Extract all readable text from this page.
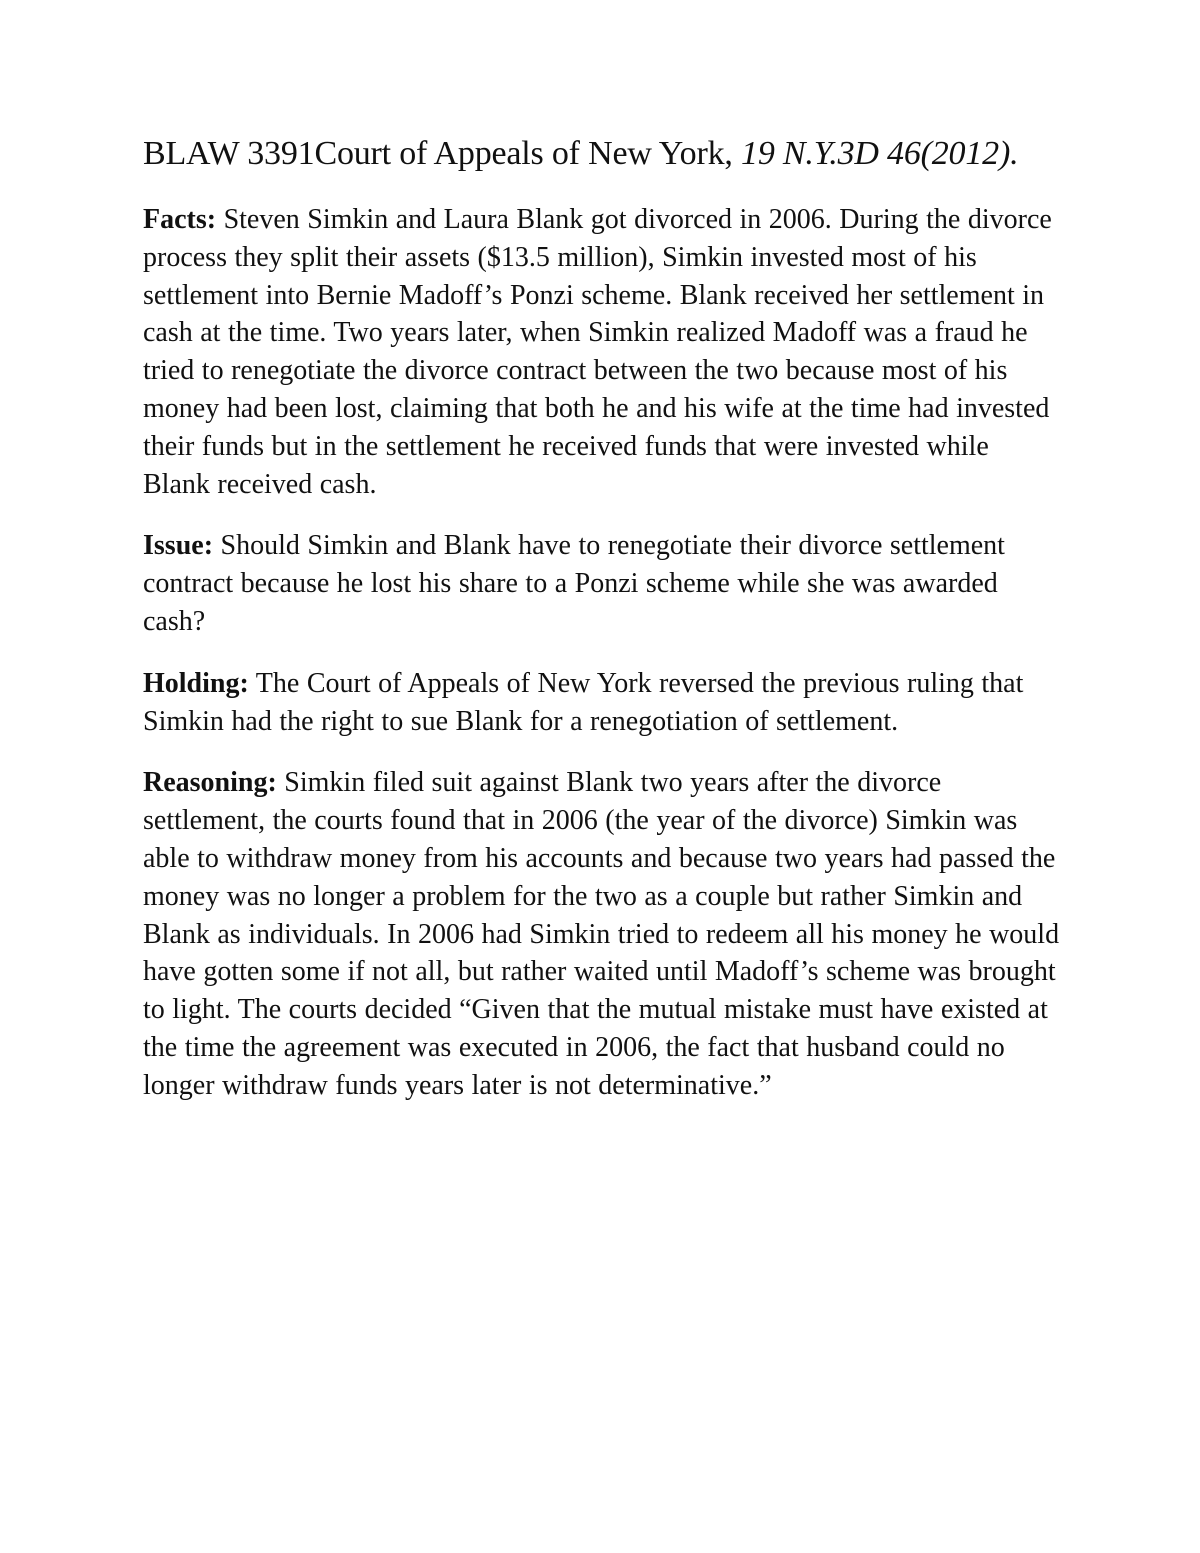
BLAW 3391Court of Appeals of New York, 19 N.Y.3D 46(2012).

Facts: Steven Simkin and Laura Blank got divorced in 2006. During the divorce process they split their assets ($13.5 million), Simkin invested most of his settlement into Bernie Madoff’s Ponzi scheme. Blank received her settlement in cash at the time. Two years later, when Simkin realized Madoff was a fraud he tried to renegotiate the divorce contract between the two because most of his money had been lost, claiming that both he and his wife at the time had invested their funds but in the settlement he received funds that were invested while Blank received cash.

Issue: Should Simkin and Blank have to renegotiate their divorce settlement contract because he lost his share to a Ponzi scheme while she was awarded cash?

Holding: The Court of Appeals of New York reversed the previous ruling that Simkin had the right to sue Blank for a renegotiation of settlement.

Reasoning: Simkin filed suit against Blank two years after the divorce settlement, the courts found that in 2006 (the year of the divorce) Simkin was able to withdraw money from his accounts and because two years had passed the money was no longer a problem for the two as a couple but rather Simkin and Blank as individuals. In 2006 had Simkin tried to redeem all his money he would have gotten some if not all, but rather waited until Madoff’s scheme was brought to light. The courts decided “Given that the mutual mistake must have existed at the time the agreement was executed in 2006, the fact that husband could no longer withdraw funds years later is not determinative.”
